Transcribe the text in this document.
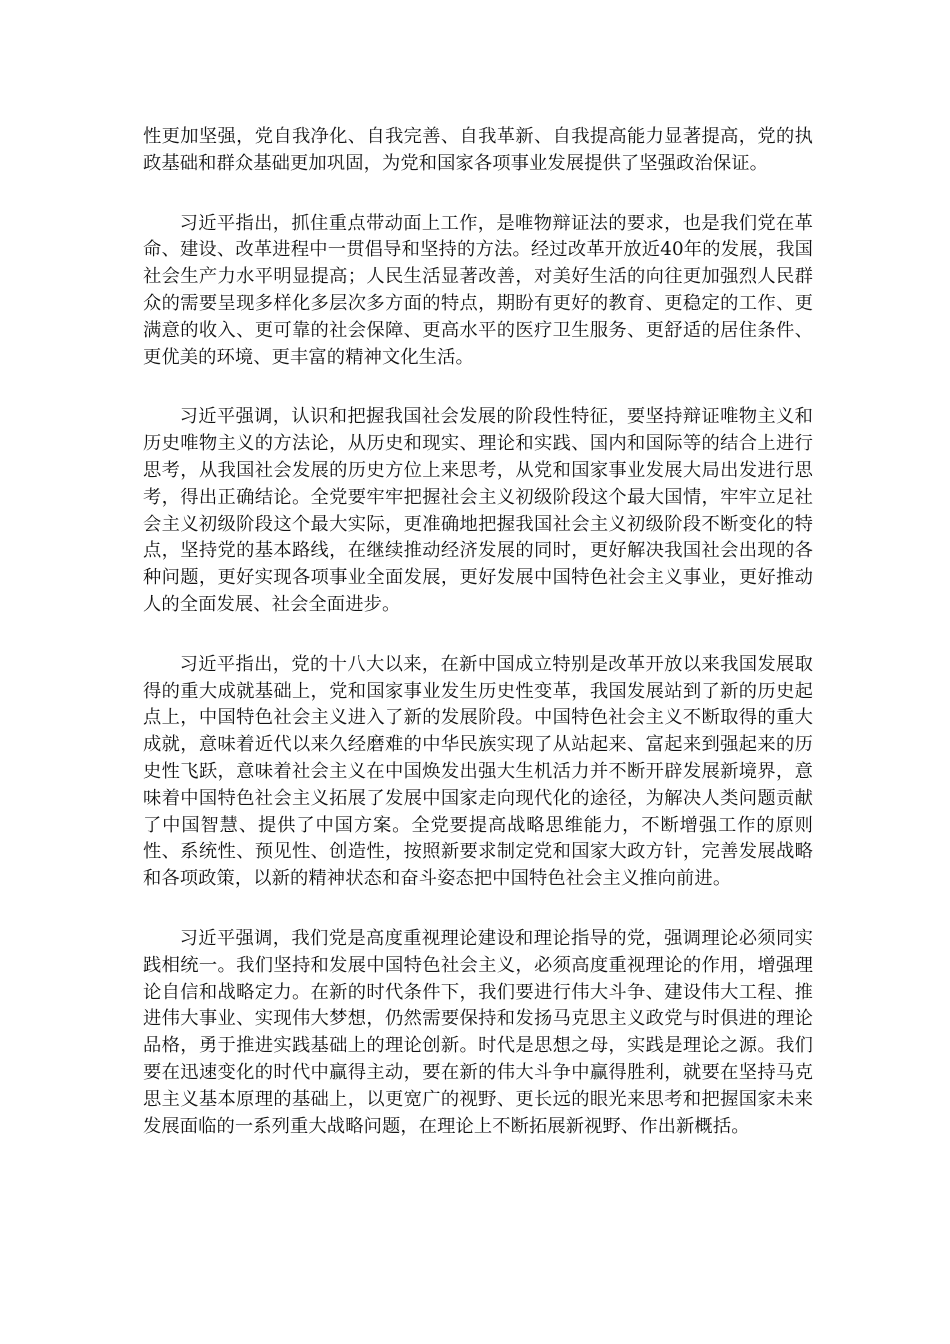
性更加坚强，党自我净化、自我完善、自我革新、自我提高能力显著提高，党的执政基础和群众基础更加巩固，为党和国家各项事业发展提供了坚强政治保证。

习近平指出，抓住重点带动面上工作，是唯物辩证法的要求，也是我们党在革命、建设、改革进程中一贯倡导和坚持的方法。经过改革开放近40年的发展，我国社会生产力水平明显提高；人民生活显著改善，对美好生活的向往更加强烈人民群众的需要呈现多样化多层次多方面的特点，期盼有更好的教育、更稳定的工作、更满意的收入、更可靠的社会保障、更高水平的医疗卫生服务、更舒适的居住条件、更优美的环境、更丰富的精神文化生活。

习近平强调，认识和把握我国社会发展的阶段性特征，要坚持辩证唯物主义和历史唯物主义的方法论，从历史和现实、理论和实践、国内和国际等的结合上进行思考，从我国社会发展的历史方位上来思考，从党和国家事业发展大局出发进行思考，得出正确结论。全党要牢牢把握社会主义初级阶段这个最大国情，牢牢立足社会主义初级阶段这个最大实际，更准确地把握我国社会主义初级阶段不断变化的特点，坚持党的基本路线，在继续推动经济发展的同时，更好解决我国社会出现的各种问题，更好实现各项事业全面发展，更好发展中国特色社会主义事业，更好推动人的全面发展、社会全面进步。

习近平指出，党的十八大以来，在新中国成立特别是改革开放以来我国发展取得的重大成就基础上，党和国家事业发生历史性变革，我国发展站到了新的历史起点上，中国特色社会主义进入了新的发展阶段。中国特色社会主义不断取得的重大成就，意味着近代以来久经磨难的中华民族实现了从站起来、富起来到强起来的历史性飞跃，意味着社会主义在中国焕发出强大生机活力并不断开辟发展新境界，意味着中国特色社会主义拓展了发展中国家走向现代化的途径，为解决人类问题贡献了中国智慧、提供了中国方案。全党要提高战略思维能力，不断增强工作的原则性、系统性、预见性、创造性，按照新要求制定党和国家大政方针，完善发展战略和各项政策，以新的精神状态和奋斗姿态把中国特色社会主义推向前进。

习近平强调，我们党是高度重视理论建设和理论指导的党，强调理论必须同实践相统一。我们坚持和发展中国特色社会主义，必须高度重视理论的作用，增强理论自信和战略定力。在新的时代条件下，我们要进行伟大斗争、建设伟大工程、推进伟大事业、实现伟大梦想，仍然需要保持和发扬马克思主义政党与时俱进的理论品格，勇于推进实践基础上的理论创新。时代是思想之母，实践是理论之源。我们要在迅速变化的时代中赢得主动，要在新的伟大斗争中赢得胜利，就要在坚持马克思主义基本原理的基础上，以更宽广的视野、更长远的眼光来思考和把握国家未来发展面临的一系列重大战略问题，在理论上不断拓展新视野、作出新概括。
